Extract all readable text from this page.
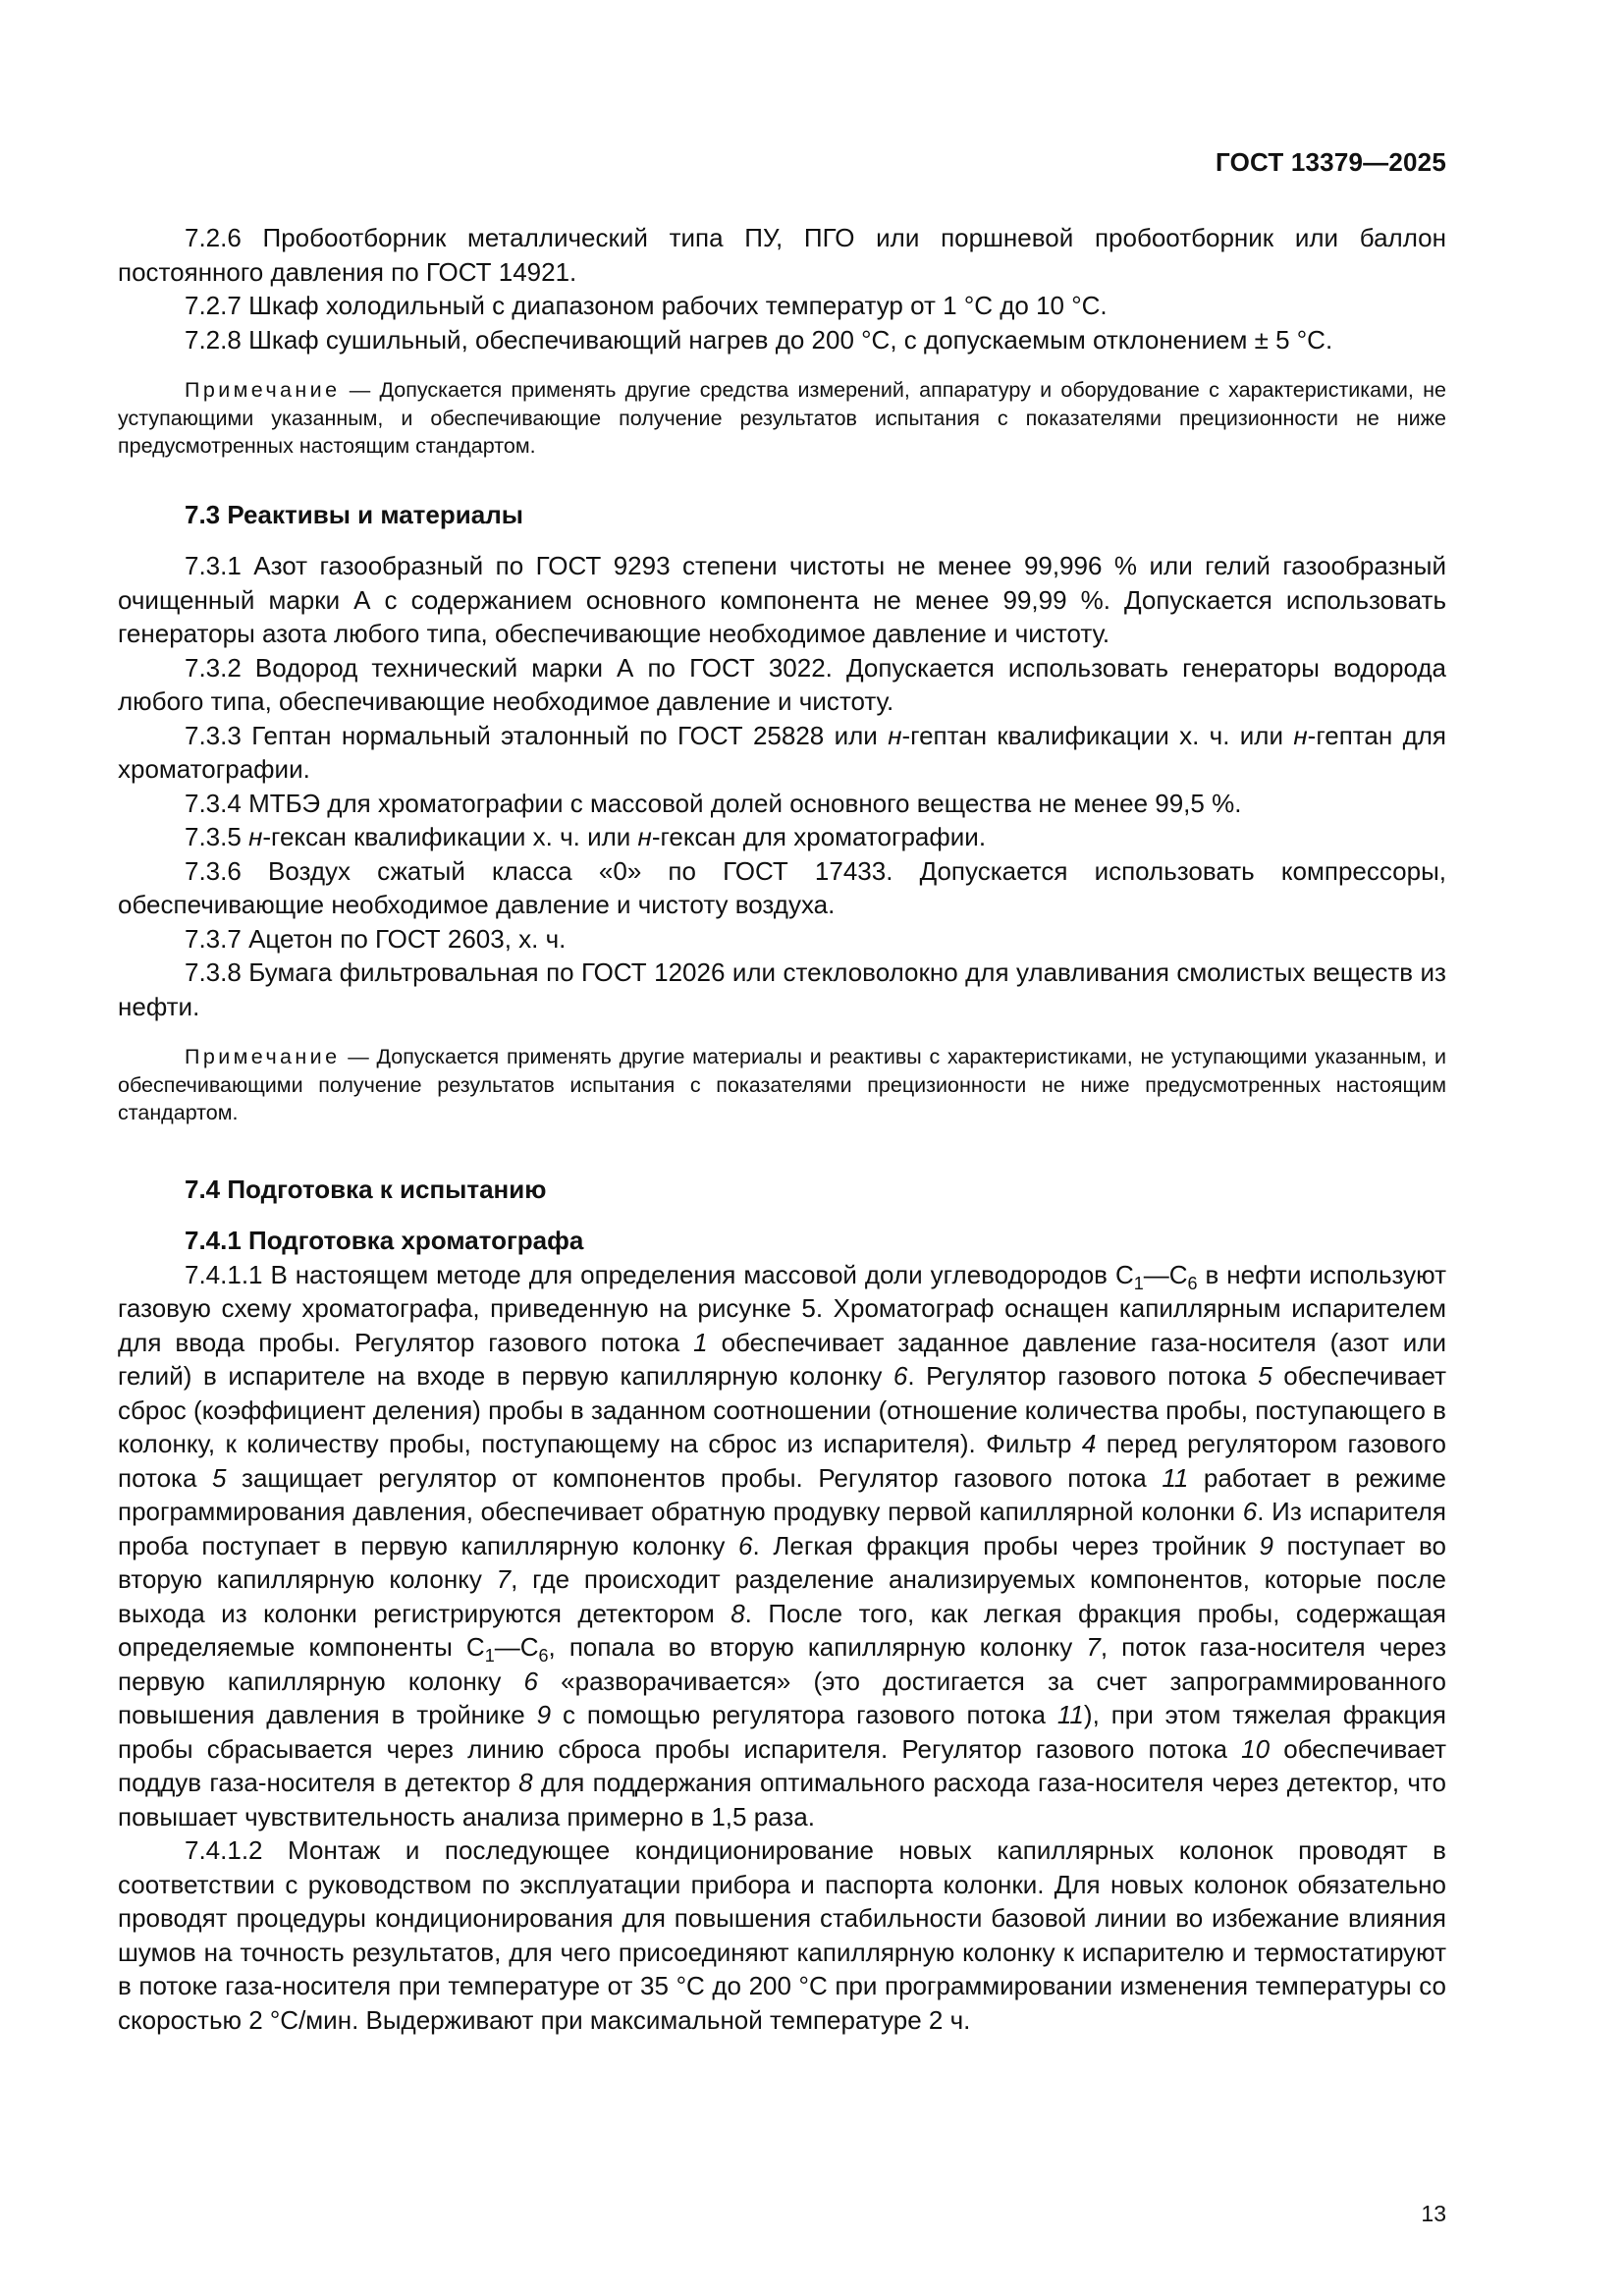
ГОСТ 13379—2025
7.2.6 Пробоотборник металлический типа ПУ, ПГО или поршневой пробоотборник или баллон постоянного давления по ГОСТ 14921.
7.2.7 Шкаф холодильный с диапазоном рабочих температур от 1 °С до 10 °С.
7.2.8 Шкаф сушильный, обеспечивающий нагрев до 200 °С, с допускаемым отклонением ± 5 °С.
Примечание — Допускается применять другие средства измерений, аппаратуру и оборудование с характеристиками, не уступающими указанным, и обеспечивающие получение результатов испытания с показателями прецизионности не ниже предусмотренных настоящим стандартом.
7.3 Реактивы и материалы
7.3.1 Азот газообразный по ГОСТ 9293 степени чистоты не менее 99,996 % или гелий газообразный очищенный марки А с содержанием основного компонента не менее 99,99 %. Допускается использовать генераторы азота любого типа, обеспечивающие необходимое давление и чистоту.
7.3.2 Водород технический марки А по ГОСТ 3022. Допускается использовать генераторы водорода любого типа, обеспечивающие необходимое давление и чистоту.
7.3.3 Гептан нормальный эталонный по ГОСТ 25828 или н-гептан квалификации х. ч. или н-гептан для хроматографии.
7.3.4 МТБЭ для хроматографии с массовой долей основного вещества не менее 99,5 %.
7.3.5 н-гексан квалификации х. ч. или н-гексан для хроматографии.
7.3.6 Воздух сжатый класса «0» по ГОСТ 17433. Допускается использовать компрессоры, обеспечивающие необходимое давление и чистоту воздуха.
7.3.7 Ацетон по ГОСТ 2603, х. ч.
7.3.8 Бумага фильтровальная по ГОСТ 12026 или стекловолокно для улавливания смолистых веществ из нефти.
Примечание — Допускается применять другие материалы и реактивы с характеристиками, не уступающими указанным, и обеспечивающими получение результатов испытания с показателями прецизионности не ниже предусмотренных настоящим стандартом.
7.4 Подготовка к испытанию
7.4.1 Подготовка хроматографа
7.4.1.1 В настоящем методе для определения массовой доли углеводородов $С_1—С_6$ в нефти используют газовую схему хроматографа, приведенную на рисунке 5. Хроматограф оснащен капиллярным испарителем для ввода пробы. Регулятор газового потока 1 обеспечивает заданное давление газа-носителя (азот или гелий) в испарителе на входе в первую капиллярную колонку 6. Регулятор газового потока 5 обеспечивает сброс (коэффициент деления) пробы в заданном соотношении (отношение количества пробы, поступающего в колонку, к количеству пробы, поступающему на сброс из испарителя). Фильтр 4 перед регулятором газового потока 5 защищает регулятор от компонентов пробы. Регулятор газового потока 11 работает в режиме программирования давления, обеспечивает обратную продувку первой капиллярной колонки 6. Из испарителя проба поступает в первую капиллярную колонку 6. Легкая фракция пробы через тройник 9 поступает во вторую капиллярную колонку 7, где происходит разделение анализируемых компонентов, которые после выхода из колонки регистрируются детектором 8. После того, как легкая фракция пробы, содержащая определяемые компоненты $С_1—С_6$, попала во вторую капиллярную колонку 7, поток газа-носителя через первую капиллярную колонку 6 «разворачивается» (это достигается за счет запрограммированного повышения давления в тройнике 9 с помощью регулятора газового потока 11), при этом тяжелая фракция пробы сбрасывается через линию сброса пробы испарителя. Регулятор газового потока 10 обеспечивает поддув газа-носителя в детектор 8 для поддержания оптимального расхода газа-носителя через детектор, что повышает чувствительность анализа примерно в 1,5 раза.
7.4.1.2 Монтаж и последующее кондиционирование новых капиллярных колонок проводят в соответствии с руководством по эксплуатации прибора и паспорта колонки. Для новых колонок обязательно проводят процедуры кондиционирования для повышения стабильности базовой линии во избежание влияния шумов на точность результатов, для чего присоединяют капиллярную колонку к испарителю и термостатируют в потоке газа-носителя при температуре от 35 °С до 200 °С при программировании изменения температуры со скоростью 2 °С/мин. Выдерживают при максимальной температуре 2 ч.
13
